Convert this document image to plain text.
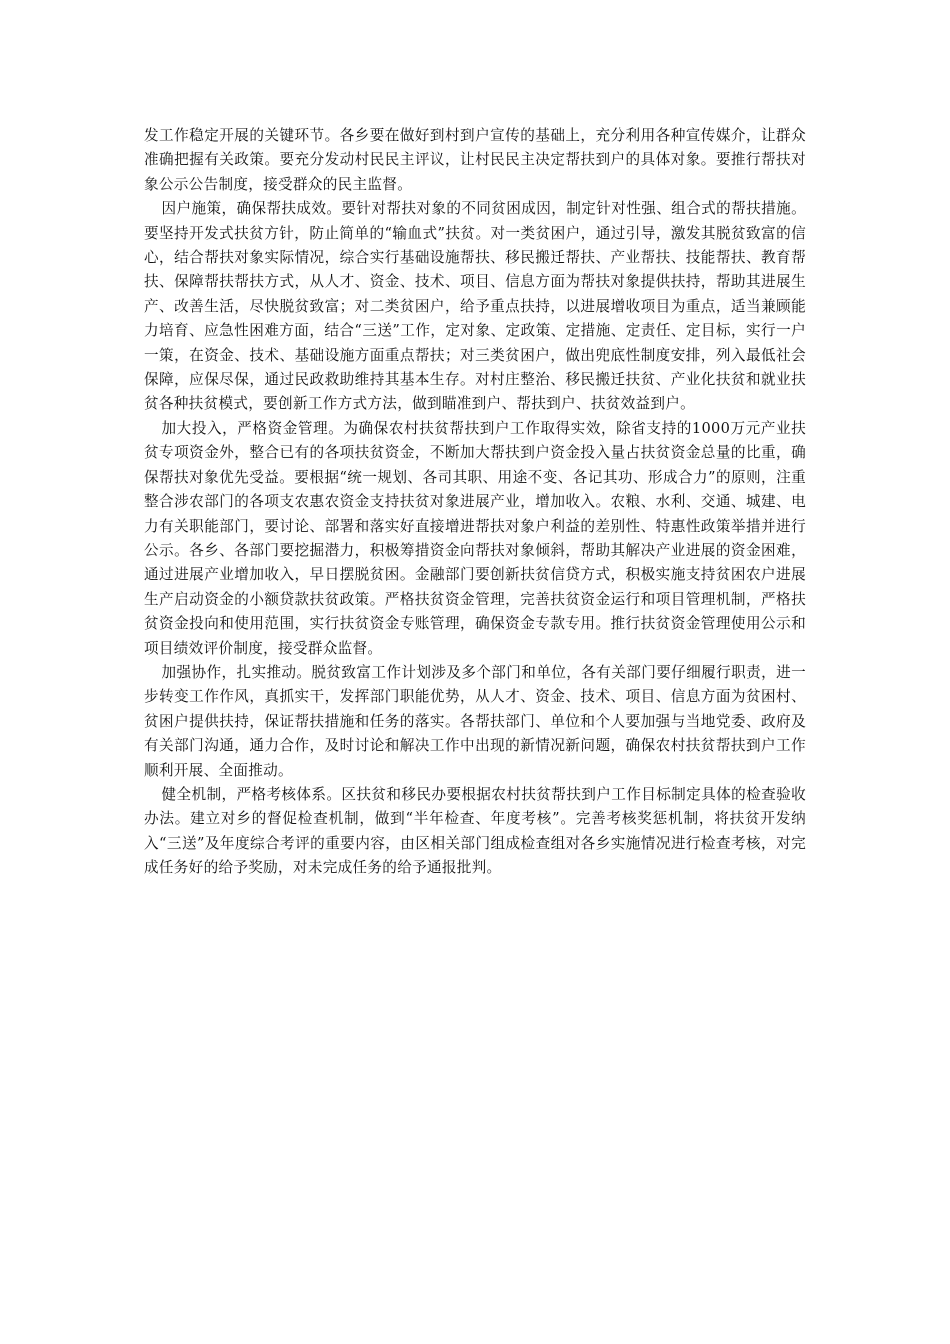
发工作稳定开展的关键环节。各乡要在做好到村到户宣传的基础上，充分利用各种宣传媒介，让群众准确把握有关政策。要充分发动村民民主评议，让村民民主决定帮扶到户的具体对象。要推行帮扶对象公示公告制度，接受群众的民主监督。

因户施策，确保帮扶成效。要针对帮扶对象的不同贫困成因，制定针对性强、组合式的帮扶措施。要坚持开发式扶贫方针，防止简单的“输血式”扶贫。对一类贫困户，通过引导，激发其脱贫致富的信心，结合帮扶对象实际情况，综合实行基础设施帮扶、移民搬迁帮扶、产业帮扶、技能帮扶、教育帮扶、保障帮扶帮扶方式，从人才、资金、技术、项目、信息方面为帮扶对象提供扶持，帮助其进展生产、改善生活，尽快脱贫致富；对二类贫困户，给予重点扶持，以进展增收项目为重点，适当兼顾能力培育、应急性困难方面，结合“三送”工作，定对象、定政策、定措施、定责任、定目标，实行一户一策，在资金、技术、基础设施方面重点帮扶；对三类贫困户，做出兜底性制度安排，列入最低社会保障，应保尽保，通过民政救助维持其基本生存。对村庄整治、移民搬迁扶贫、产业化扶贫和就业扶贫各种扶贫模式，要创新工作方式方法，做到瞄准到户、帮扶到户、扶贫效益到户。

加大投入，严格资金管理。为确保农村扶贫帮扶到户工作取得实效，除省支持的1000万元产业扶贫专项资金外，整合已有的各项扶贫资金，不断加大帮扶到户资金投入量占扶贫资金总量的比重，确保帮扶对象优先受益。要根据“统一规划、各司其职、用途不变、各记其功、形成合力”的原则，注重整合涉农部门的各项支农惠农资金支持扶贫对象进展产业，增加收入。农粮、水利、交通、城建、电力有关职能部门，要讨论、部署和落实好直接增进帮扶对象户利益的差别性、特惠性政策举措并进行公示。各乡、各部门要挖掘潜力，积极筹措资金向帮扶对象倾斜，帮助其解决产业进展的资金困难，通过进展产业增加收入，早日摆脱贫困。金融部门要创新扶贫信贷方式，积极实施支持贫困农户进展生产启动资金的小额贷款扶贫政策。严格扶贫资金管理，完善扶贫资金运行和项目管理机制，严格扶贫资金投向和使用范围，实行扶贫资金专账管理，确保资金专款专用。推行扶贫资金管理使用公示和项目绩效评价制度，接受群众监督。

加强协作，扎实推动。脱贫致富工作计划涉及多个部门和单位，各有关部门要仔细履行职责，进一步转变工作作风，真抓实干，发挥部门职能优势，从人才、资金、技术、项目、信息方面为贫困村、贫困户提供扶持，保证帮扶措施和任务的落实。各帮扶部门、单位和个人要加强与当地党委、政府及有关部门沟通，通力合作，及时讨论和解决工作中出现的新情况新问题，确保农村扶贫帮扶到户工作顺利开展、全面推动。

健全机制，严格考核体系。区扶贫和移民办要根据农村扶贫帮扶到户工作目标制定具体的检查验收办法。建立对乡的督促检查机制，做到“半年检查、年度考核”。完善考核奖惩机制，将扶贫开发纳入“三送”及年度综合考评的重要内容，由区相关部门组成检查组对各乡实施情况进行检查考核，对完成任务好的给予奖励，对未完成任务的给予通报批判。
